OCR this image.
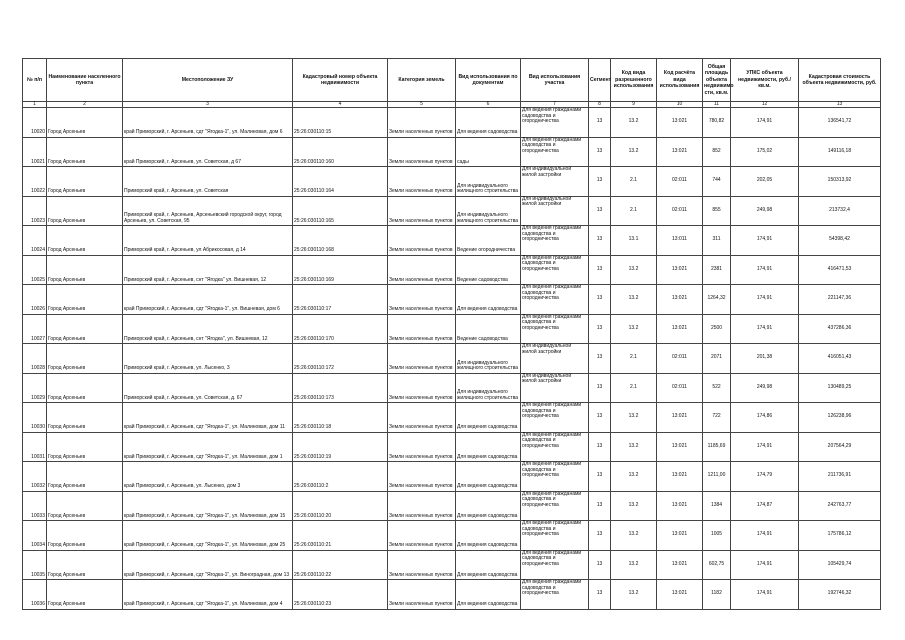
№ п/п	Наименование населенного пункта	Местоположение ЗУ	Кадастровый номер объекта недвижимости	Категория земель	Вид использования по документам	Вид использования участка	Сегмент	Код вида разрешенного использования	Код расчёта вида использования	Общая площадь объекта недвижимо сти, кв.м.	УПКС объекта недвижимости, руб./кв.м.	Кадастровая стоимость объекта недвижимости, руб.
1	2	3	4	5	6	7	8	9	10	11	12	13
10020	Город Арсеньев	край Приморский, г. Арсеньев, сдт "Ягодка-1", ул. Малиновая, дом 6	25:26:030110:15	Земли населенных пунктов	Для ведения садоводства	Для ведения гражданами садоводства и огородничества	13	13.2	13:021	780,82	174,91	136541,72
10021	Город Арсеньев	край Приморский, г. Арсеньев, ул. Советская, д 67	25:26:030110:160	Земли населенных пунктов	сады	Для ведения гражданами садоводства и огородничества	13	13.2	13:021	852	175,02	149116,18
10022	Город Арсеньев	Приморский край, г. Арсеньев, ул. Советская	25:26:030110:164	Земли населенных пунктов	Для индивидуального жилищного строительства	Для индивидуальной жилой застройки	13	2.1	02:011	744	202,05	150313,92
10023	Город Арсеньев	Приморский край, г. Арсеньев, Арсеньевский городской округ, город Арсеньев, ул. Советская, 95	25:26:030110:165	Земли населенных пунктов	Для индивидуального жилищного строительства	Для индивидуальной жилой застройки	13	2.1	02:011	855	249,98	213732,4
10024	Город Арсеньев	Приморский край, г. Арсеньев, ул Абрикосовая, д 14	25:26:030110:168	Земли населенных пунктов	Ведение огородничества	Для ведения гражданами садоводства и огородничества	13	13.1	13:011	311	174,91	54398,42
10025	Город Арсеньев	Приморский край, г. Арсеньев, снт "Ягодка" ул. Вишневая, 12	25:26:030110:169	Земли населенных пунктов	Ведение садоводства	Для ведения гражданами садоводства и огородничества	13	13.2	13:021	2381	174,91	416471,53
10026	Город Арсеньев	край Приморский, г. Арсеньев, сдт "Ягодка-1", ул. Вишневая, дом 6	25:26:030110:17	Земли населенных пунктов	Для ведения садоводства	Для ведения гражданами садоводства и огородничества	13	13.2	13:021	1264,32	174,91	221147,36
10027	Город Арсеньев	Приморский край, г. Арсеньев, снт "Ягодка", ул. Вишневая, 12	25:26:030110:170	Земли населенных пунктов	Ведение садоводства	Для ведения гражданами садоводства и огородничества	13	13.2	13:021	2500	174,91	437286,36
10028	Город Арсеньев	Приморский край, г. Арсеньев, ул. Лысенко, 3	25:26:030110:172	Земли населенных пунктов	Для индивидуального жилищного строительства	Для индивидуальной жилой застройки	13	2.1	02:011	2071	201,38	416051,43
10029	Город Арсеньев	Приморский край, г. Арсеньев, ул. Советская, д. 67	25:26:030110:173	Земли населенных пунктов	Для индивидуального жилищного строительства	Для индивидуальной жилой застройки	13	2.1	02:011	522	249,98	130489,25
10030	Город Арсеньев	край Приморский, г. Арсеньев, сдт "Ягодка-1", ул. Малиновая, дом 11	25:26:030110:18	Земли населенных пунктов	Для ведения садоводства	Для ведения гражданами садоводства и огородничества	13	13.2	13:021	722	174,86	126238,96
10031	Город Арсеньев	край Приморский, г. Арсеньев, сдт "Ягодка-1", ул. Малиновая, дом 1	25:26:030110:19	Земли населенных пунктов	Для ведения садоводства	Для ведения гражданами садоводства и огородничества	13	13.2	13:021	1185,69	174,91	207564,29
10032	Город Арсеньев	край Приморский, г. Арсеньев, ул. Лысенко, дом 3	25:26:030110:2	Земли населенных пунктов	Для ведения садоводства	Для ведения гражданами садоводства и огородничества	13	13.2	13:021	1211,00	174,79	211736,91
10033	Город Арсеньев	край Приморский, г. Арсеньев, сдт "Ягодка-1", ул. Малиновая, дом 15	25:26:030110:20	Земли населенных пунктов	Для ведения садоводства	Для ведения гражданами садоводства и огородничества	13	13.2	13:021	1384	174,87	242763,77
10034	Город Арсеньев	край Приморский, г. Арсеньев, сдт "Ягодка-1", ул. Малиновая, дом 25	25:26:030110:21	Земли населенных пунктов	Для ведения садоводства	Для ведения гражданами садоводства и огородничества	13	13.2	13:021	1005	174,91	175786,12
10035	Город Арсеньев	край Приморский, г. Арсеньев, сдт "Ягодка-1", ул. Виноградная, дом 13	25:26:030110:22	Земли населенных пунктов	Для ведения садоводства	Для ведения гражданами садоводства и огородничества	13	13.2	13:021	602,75	174,91	105429,74
10036	Город Арсеньев	край Приморский, г. Арсеньев, сдт "Ягодка-1", ул. Малиновая, дом 4	25:26:030110:23	Земли населенных пунктов	Для ведения садоводства	Для ведения гражданами садоводства и огородничества	13	13.2	13:021	1182	174,91	192746,32
